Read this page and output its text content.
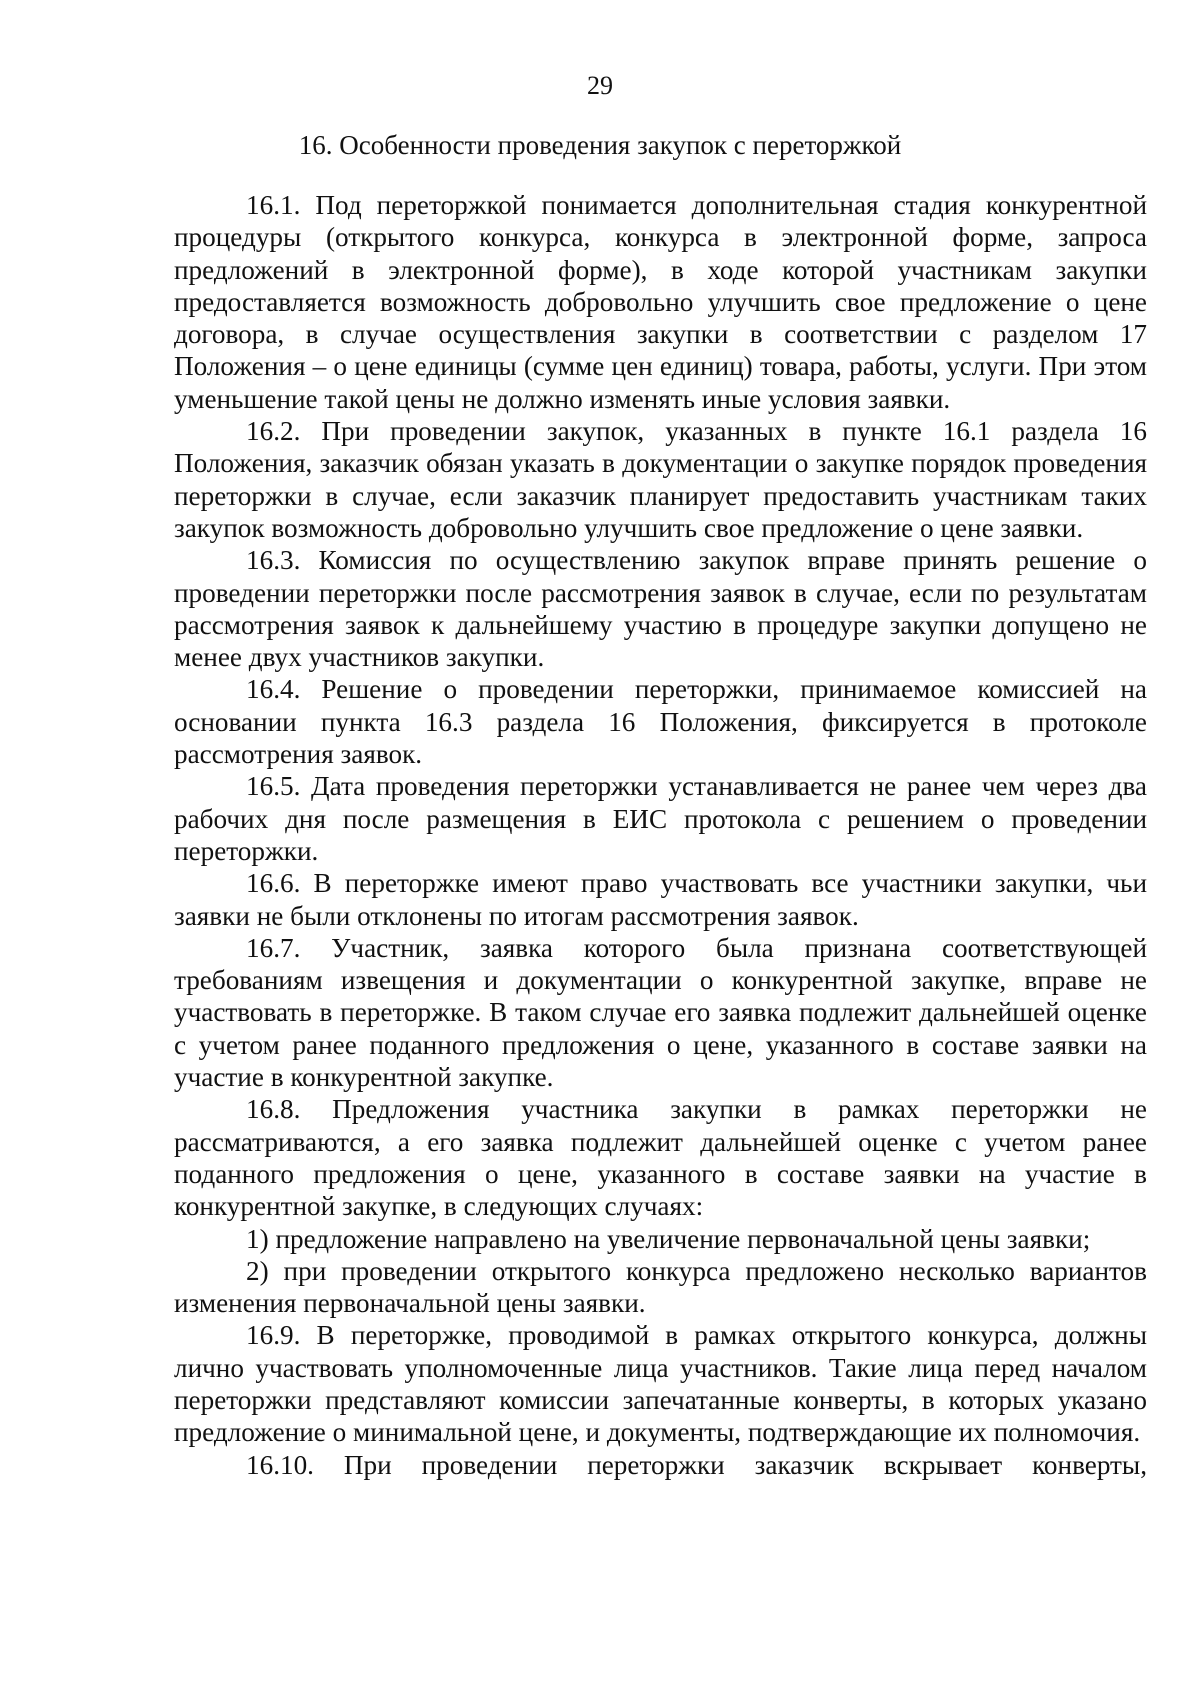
29
16. Особенности проведения закупок с переторжкой

16.1. Под переторжкой понимается дополнительная стадия конкурентной процедуры (открытого конкурса, конкурса в электронной форме, запроса предложений в электронной форме), в ходе которой участникам закупки предоставляется возможность добровольно улучшить свое предложение о цене договора, в случае осуществления закупки в соответствии с разделом 17 Положения – о цене единицы (сумме цен единиц) товара, работы, услуги. При этом уменьшение такой цены не должно изменять иные условия заявки.

16.2. При проведении закупок, указанных в пункте 16.1 раздела 16 Положения, заказчик обязан указать в документации о закупке порядок проведения переторжки в случае, если заказчик планирует предоставить участникам таких закупок возможность добровольно улучшить свое предложение о цене заявки.

16.3. Комиссия по осуществлению закупок вправе принять решение о проведении переторжки после рассмотрения заявок в случае, если по результатам рассмотрения заявок к дальнейшему участию в процедуре закупки допущено не менее двух участников закупки.

16.4. Решение о проведении переторжки, принимаемое комиссией на основании пункта 16.3 раздела 16 Положения, фиксируется в протоколе рассмотрения заявок.

16.5. Дата проведения переторжки устанавливается не ранее чем через два рабочих дня после размещения в ЕИС протокола с решением о проведении переторжки.

16.6. В переторжке имеют право участвовать все участники закупки, чьи заявки не были отклонены по итогам рассмотрения заявок.

16.7. Участник, заявка которого была признана соответствующей требованиям извещения и документации о конкурентной закупке, вправе не участвовать в переторжке. В таком случае его заявка подлежит дальнейшей оценке с учетом ранее поданного предложения о цене, указанного в составе заявки на участие в конкурентной закупке.

16.8. Предложения участника закупки в рамках переторжки не рассматриваются, а его заявка подлежит дальнейшей оценке с учетом ранее поданного предложения о цене, указанного в составе заявки на участие в конкурентной закупке, в следующих случаях:

1) предложение направлено на увеличение первоначальной цены заявки;

2) при проведении открытого конкурса предложено несколько вариантов изменения первоначальной цены заявки.

16.9. В переторжке, проводимой в рамках открытого конкурса, должны лично участвовать уполномоченные лица участников. Такие лица перед началом переторжки представляют комиссии запечатанные конверты, в которых указано предложение о минимальной цене, и документы, подтверждающие их полномочия.

16.10. При проведении переторжки заказчик вскрывает конверты,
